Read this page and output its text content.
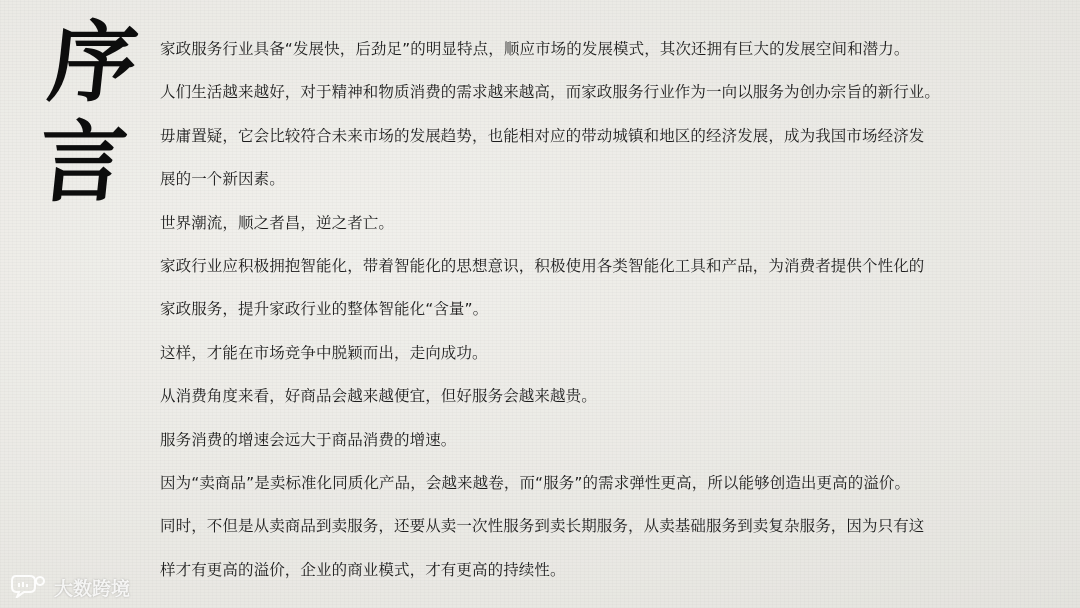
序
言

家政服务行业具备“发展快，后劲足”的明显特点，顺应市场的发展模式，其次还拥有巨大的发展空间和潜力。

人们生活越来越好，对于精神和物质消费的需求越来越高，而家政服务行业作为一向以服务为创办宗旨的新行业。

毋庸置疑，它会比较符合未来市场的发展趋势，也能相对应的带动城镇和地区的经济发展，成为我国市场经济发

展的一个新因素。

世界潮流，顺之者昌，逆之者亡。

家政行业应积极拥抱智能化，带着智能化的思想意识，积极使用各类智能化工具和产品，为消费者提供个性化的

家政服务，提升家政行业的整体智能化“含量”。

这样，才能在市场竞争中脱颖而出，走向成功。

从消费角度来看，好商品会越来越便宜，但好服务会越来越贵。

服务消费的增速会远大于商品消费的增速。

因为“卖商品”是卖标准化同质化产品，会越来越卷，而“服务”的需求弹性更高，所以能够创造出更高的溢价。

同时，不但是从卖商品到卖服务，还要从卖一次性服务到卖长期服务，从卖基础服务到卖复杂服务，因为只有这

样才有更高的溢价，企业的商业模式，才有更高的持续性。

大数跨境
